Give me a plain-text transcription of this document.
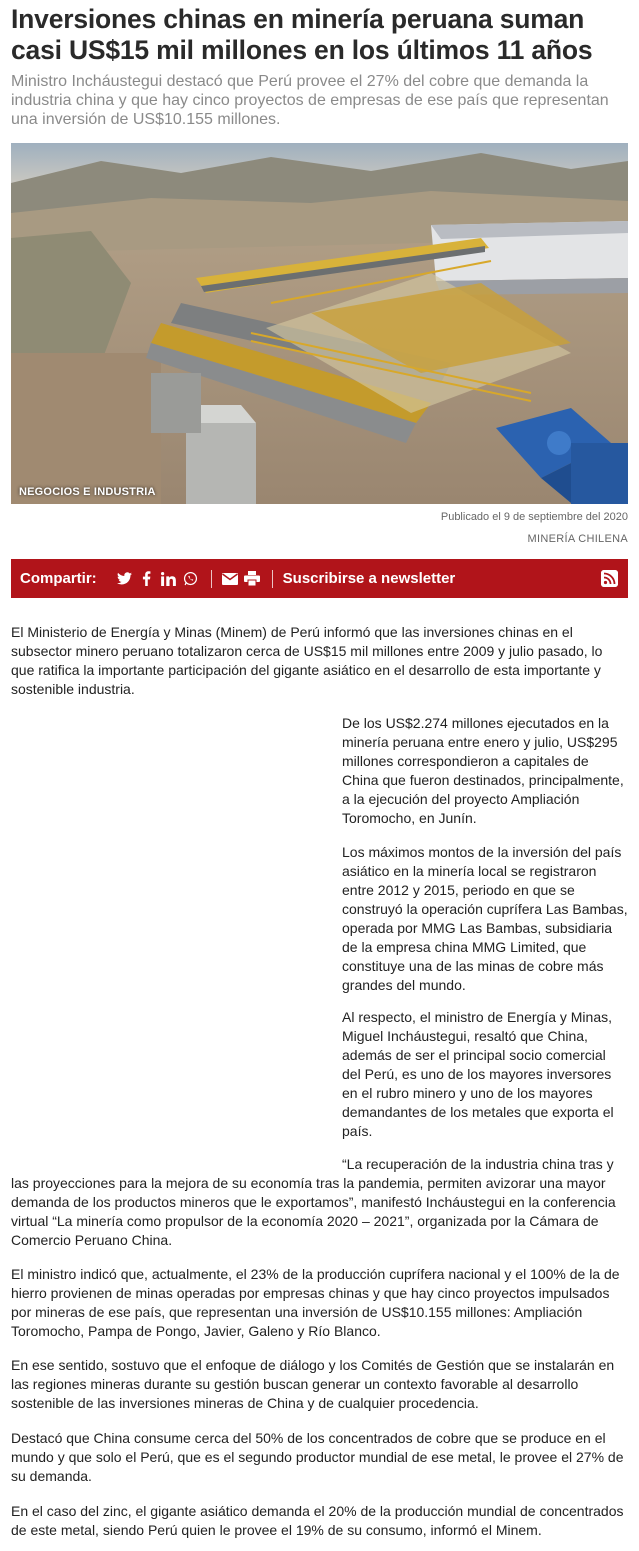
Inversiones chinas en minería peruana suman casi US$15 mil millones en los últimos 11 años

Ministro Incháustegui destacó que Perú provee el 27% del cobre que demanda la industria china y que hay cinco proyectos de empresas de ese país que representan una inversión de US$10.155 millones.

NEGOCIOS E INDUSTRIA
Publicado el 9 de septiembre del 2020
MINERÍA CHILENA
Compartir:	Suscribirse a newsletter

El Ministerio de Energía y Minas (Minem) de Perú informó que las inversiones chinas en el subsector minero peruano totalizaron cerca de US$15 mil millones entre 2009 y julio pasado, lo que ratifica la importante participación del gigante asiático en el desarrollo de esta importante y sostenible industria.

De los US$2.274 millones ejecutados en la minería peruana entre enero y julio, US$295 millones correspondieron a capitales de China que fueron destinados, principalmente, a la ejecución del proyecto Ampliación Toromocho, en Junín.

Los máximos montos de la inversión del país asiático en la minería local se registraron entre 2012 y 2015, periodo en que se construyó la operación cuprífera Las Bambas, operada por MMG Las Bambas, subsidiaria de la empresa china MMG Limited, que constituye una de las minas de cobre más grandes del mundo.

Al respecto, el ministro de Energía y Minas, Miguel Incháustegui, resaltó que China, además de ser el principal socio comercial del Perú, es uno de los mayores inversores en el rubro minero y uno de los mayores demandantes de los metales que exporta el país.

“La recuperación de la industria china tras y las proyecciones para la mejora de su economía tras la pandemia, permiten avizorar una mayor demanda de los productos mineros que le exportamos”, manifestó Incháustegui en la conferencia virtual “La minería como propulsor de la economía 2020 – 2021”, organizada por la Cámara de Comercio Peruano China.

El ministro indicó que, actualmente, el 23% de la producción cuprífera nacional y el 100% de la de hierro provienen de minas operadas por empresas chinas y que hay cinco proyectos impulsados por mineras de ese país, que representan una inversión de US$10.155 millones: Ampliación Toromocho, Pampa de Pongo, Javier, Galeno y Río Blanco.

En ese sentido, sostuvo que el enfoque de diálogo y los Comités de Gestión que se instalarán en las regiones mineras durante su gestión buscan generar un contexto favorable al desarrollo sostenible de las inversiones mineras de China y de cualquier procedencia.

Destacó que China consume cerca del 50% de los concentrados de cobre que se produce en el mundo y que solo el Perú, que es el segundo productor mundial de ese metal, le provee el 27% de su demanda.

En el caso del zinc, el gigante asiático demanda el 20% de la producción mundial de concentrados de este metal, siendo Perú quien le provee el 19% de su consumo, informó el Minem.
